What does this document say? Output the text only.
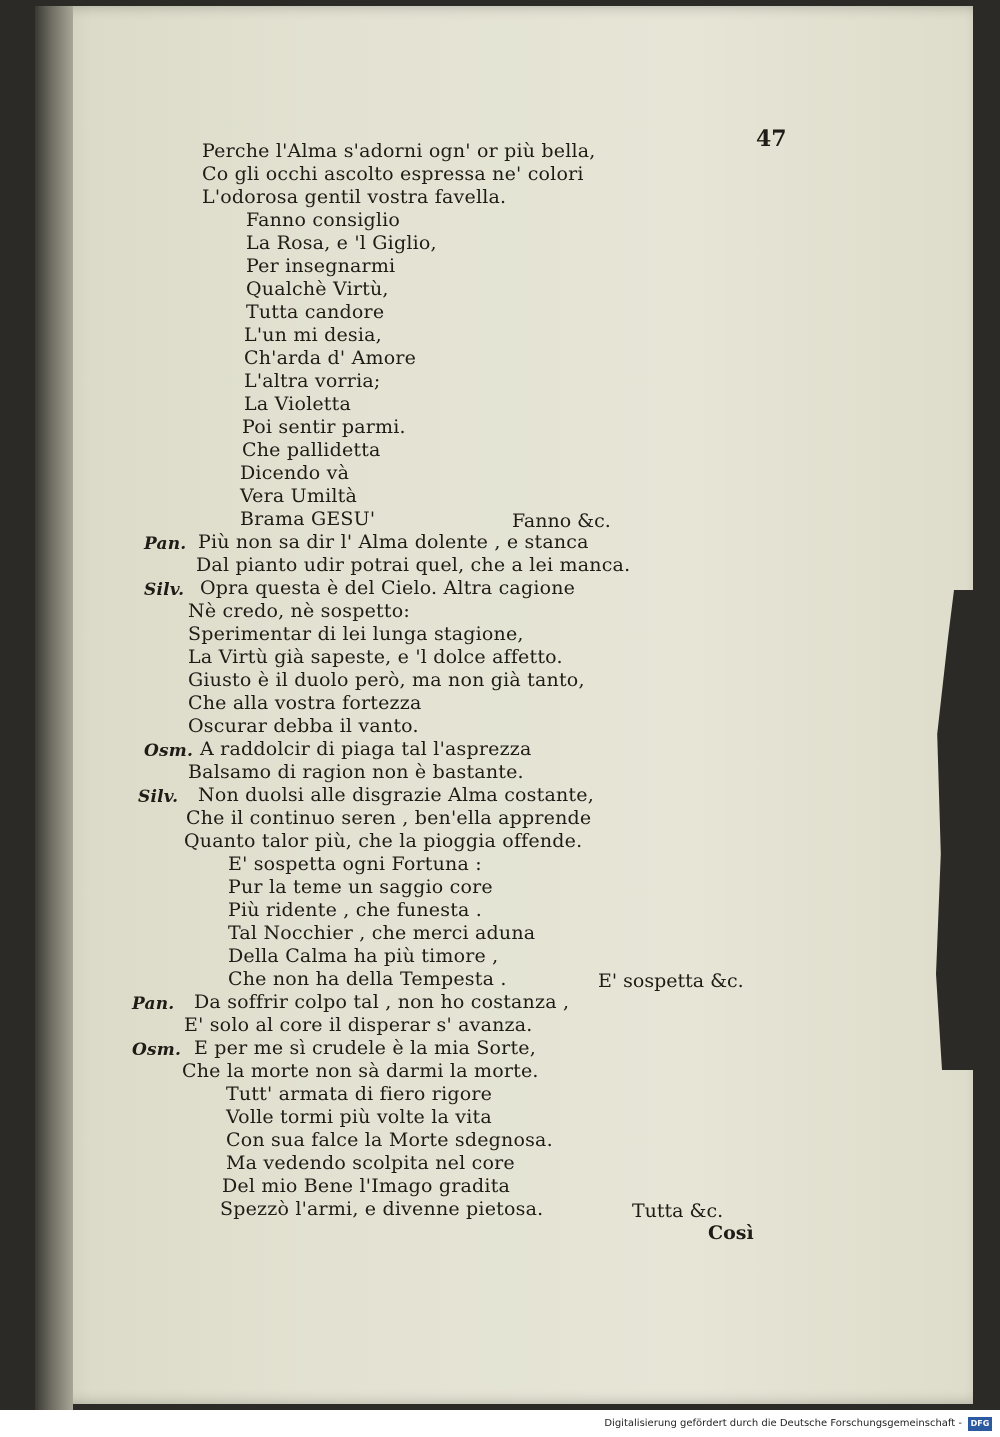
47
Perche l'Alma s'adorni ogn' or più bella,
Co gli occhi ascolto espressa ne' colori
L'odorosa gentil vostra favella.
Fanno consiglio
La Rosa, e 'l Giglio,
Per insegnarmi
Qualchè Virtù,
Tutta candore
L'un mi desia,
Ch'arda d' Amore
L'altra vorria;
La Violetta
Poi sentir parmi.
Che pallidetta
Dicendo và
Vera Umiltà
Brama GESU'	Fanno &c.
Pan. Più non sa dir l' Alma dolente , e stanca
Dal pianto udir potrai quel, che a lei manca.
Silv. Opra questa è del Cielo. Altra cagione
Nè credo, nè sospetto:
Sperimentar di lei lunga stagione,
La Virtù già sapeste, e 'l dolce affetto.
Giusto è il duolo però, ma non già tanto,
Che alla vostra fortezza
Oscurar debba il vanto.
Osm. A raddolcir di piaga tal l'asprezza
Balsamo di ragion non è bastante.
Silv. Non duolsi alle disgrazie Alma costante,
Che il continuo seren , ben'ella apprende
Quanto talor più, che la pioggia offende.
E' sospetta ogni Fortuna :
Pur la teme un saggio core
Più ridente , che funesta .
Tal Nocchier , che merci aduna
Della Calma ha più timore ,
Che non ha della Tempesta .	E' sospetta &c.
Pan. Da soffrir colpo tal , non ho costanza ,
E' solo al core il disperar s' avanza.
Osm. E per me sì crudele è la mia Sorte,
Che la morte non sà darmi la morte.
Tutt' armata di fiero rigore
Volle tormi più volte la vita
Con sua falce la Morte sdegnosa.
Ma vedendo scolpita nel core
Del mio Bene l'Imago gradita
Spezzò l'armi, e divenne pietosa.	Tutta &c.
Così
Digitalisierung gefördert durch die Deutsche Forschungsgemeinschaft -	DFG
